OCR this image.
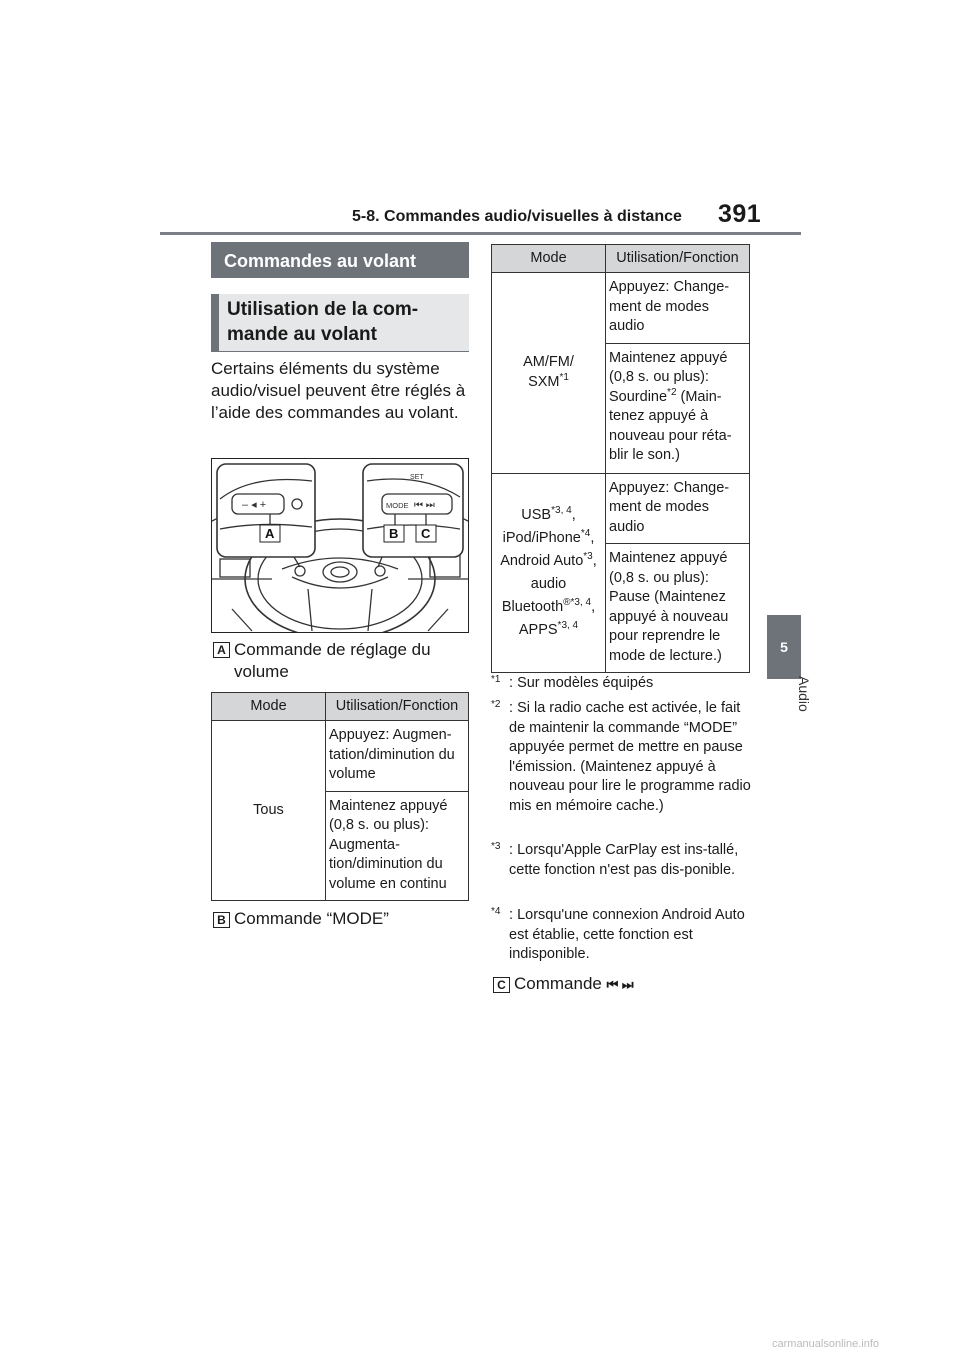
5-8. Commandes audio/visuelles à distance 391
5
Audio
Commandes au volant
Utilisation de la com-
mande au volant
Certains éléments du système audio/visuel peuvent être réglés à l’aide des commandes au volant.
– ◂ +	MODE ⏮ ⏭
SET
A	B C
A Commande de réglage du
volume
Mode	Utilisation/Fonction
Tous	Appuyez: Augmen-tation/diminution du volume
	Maintenez appuyé (0,8 s. ou plus): Augmenta-tion/diminution du volume en continu
B Commande “MODE”
Mode	Utilisation/Fonction
AM/FM/
SXM$^{*1}$	Appuyez: Change-ment de modes audio
	Maintenez appuyé (0,8 s. ou plus): Sourdine$^{*2}$ (Main-tenez appuyé à nouveau pour réta-blir le son.)
USB$^{*3, 4}$,
iPod/iPhone$^{*4}$, Android Auto$^{*3}$, audio Bluetooth$^{®*3, 4}$, APPS$^{*3, 4}$	Appuyez: Change-ment de modes audio
	Maintenez appuyé (0,8 s. ou plus): Pause (Maintenez appuyé à nouveau pour reprendre le mode de lecture.)
*1 : Sur modèles équipés
*2 : Si la radio cache est activée, le fait de maintenir la commande “MODE” appuyée permet de mettre en pause l'émission. (Maintenez appuyé à nouveau pour lire le programme radio mis en mémoire cache.)
*3 : Lorsqu'Apple CarPlay est ins-tallé, cette fonction n'est pas dis-ponible.
*4 : Lorsqu'une connexion Android Auto est établie, cette fonction est indisponible.
C Commande ⏮ ⏭
carmanualsonline.info
